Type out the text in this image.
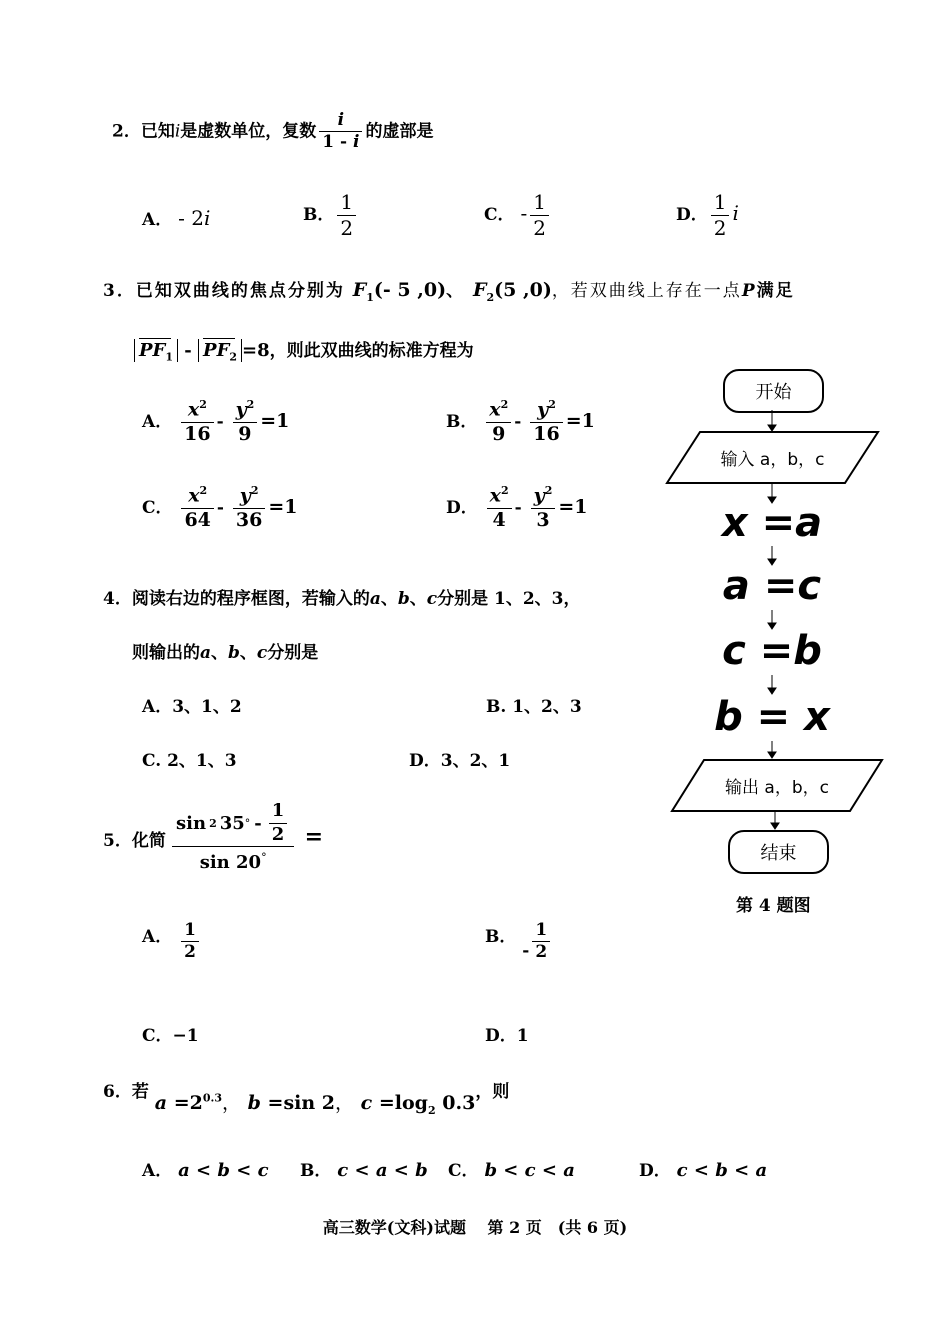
2．已知i是虚数单位，复数 $\frac{i}{1 - i}$ 的虚部是
A． - 2i	B． $\frac{1}{2}$	C． - $\frac{1}{2}$	D． $\frac{1}{2}$ i
3．已知双曲线的焦点分别为 $F_1(-$ 5 ,0)、 $F_2(5$ ,0)，若双曲线上存在一点P满足
$PF_1 - PF_2 =8$，则此双曲线的标准方程为
A． $\frac{x^2}{16} - \frac{y^2}{9} =1$	B． $\frac{x^2}{9} - \frac{y^2}{16} =1$
C． $\frac{x^2}{64} - \frac{y^2}{36} =1$	D． $\frac{x^2}{4} - \frac{y^2}{3} =1$
4．阅读右边的程序框图，若输入的a、b、c分别是 1、2、3，
则输出的a、b、c分别是
A．3、1、2	B. 1、2、3
C. 2、1、3	D．3、2、1
5．化简 sin 2 35 ° -
1
2
sin 20° =
A． $\frac{1}{2}$	B． - $\frac{1}{2}$
C．−1	D．1
6．若 $a =2^{0.3}$， b =sin 2， $c =\log_2$ 0.3，则
A． a < b < c B． c < a < b C． b < c < a	D． c < b < a
开始
输入 a，b，c
x =a
a =c
c =b
b = x
输出 a，b，c
结束
第 4 题图
高三数学(文科)试题　 第 2 页　(共 6 页)
